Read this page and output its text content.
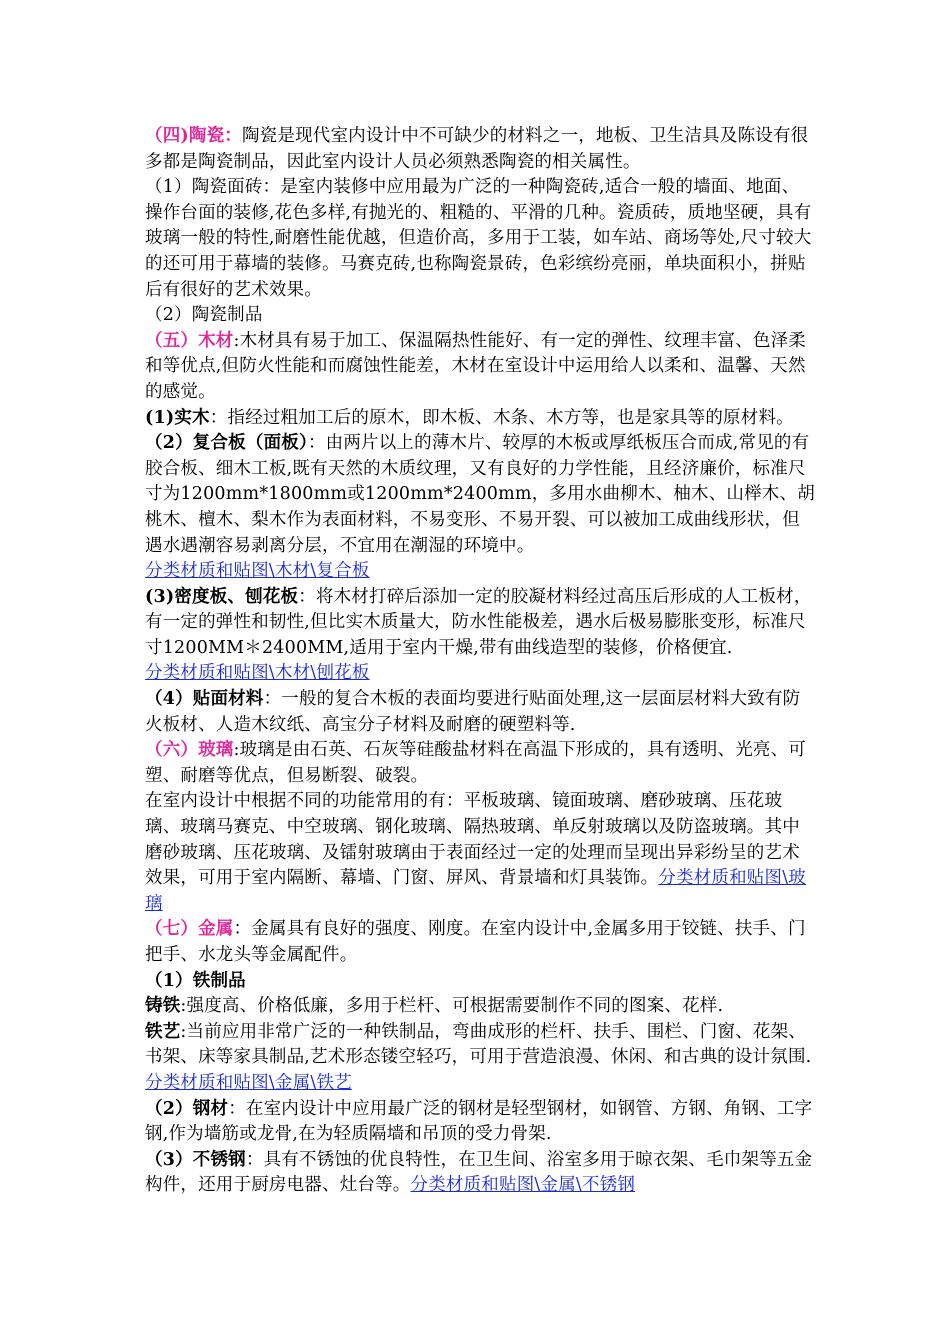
（四)陶瓷：陶瓷是现代室内设计中不可缺少的材料之一，地板、卫生洁具及陈设有很多都是陶瓷制品，因此室内设计人员必须熟悉陶瓷的相关属性。

（1）陶瓷面砖：是室内装修中应用最为广泛的一种陶瓷砖,适合一般的墙面、地面、操作台面的装修,花色多样,有抛光的、粗糙的、平滑的几种。瓷质砖，质地坚硬，具有玻璃一般的特性,耐磨性能优越，但造价高，多用于工装，如车站、商场等处,尺寸较大的还可用于幕墙的装修。马赛克砖,也称陶瓷景砖，色彩缤纷亮丽，单块面积小，拼贴后有很好的艺术效果。

（2）陶瓷制品

（五）木材:木材具有易于加工、保温隔热性能好、有一定的弹性、纹理丰富、色泽柔和等优点,但防火性能和而腐蚀性能差，木材在室设计中运用给人以柔和、温馨、天然的感觉。

(1)实木：指经过粗加工后的原木，即木板、木条、木方等，也是家具等的原材料。

（2）复合板（面板）：由两片以上的薄木片、较厚的木板或厚纸板压合而成,常见的有胶合板、细木工板,既有天然的木质纹理，又有良好的力学性能，且经济廉价，标准尺寸为1200mm*1800mm或1200mm*2400mm，多用水曲柳木、柚木、山榉木、胡桃木、檀木、梨木作为表面材料，不易变形、不易开裂、可以被加工成曲线形状，但遇水遇潮容易剥离分层，不宜用在潮湿的环境中。

分类材质和贴图\木材\复合板

(3)密度板、刨花板：将木材打碎后添加一定的胶凝材料经过高压后形成的人工板材，有一定的弹性和韧性,但比实木质量大，防水性能极差，遇水后极易膨胀变形，标准尺寸1200MM＊2400MM,适用于室内干燥,带有曲线造型的装修，价格便宜.

分类材质和贴图\木材\刨花板

（4）贴面材料：一般的复合木板的表面均要进行贴面处理,这一层面层材料大致有防火板材、人造木纹纸、高宝分子材料及耐磨的硬塑料等.

（六）玻璃:玻璃是由石英、石灰等硅酸盐材料在高温下形成的，具有透明、光亮、可塑、耐磨等优点，但易断裂、破裂。

在室内设计中根据不同的功能常用的有：平板玻璃、镜面玻璃、磨砂玻璃、压花玻璃、玻璃马赛克、中空玻璃、钢化玻璃、隔热玻璃、单反射玻璃以及防盗玻璃。其中磨砂玻璃、压花玻璃、及镭射玻璃由于表面经过一定的处理而呈现出异彩纷呈的艺术效果，可用于室内隔断、幕墙、门窗、屏风、背景墙和灯具装饰。分类材质和贴图\玻璃

（七）金属：金属具有良好的强度、刚度。在室内设计中,金属多用于铰链、扶手、门把手、水龙头等金属配件。

（1）铁制品

铸铁:强度高、价格低廉，多用于栏杆、可根据需要制作不同的图案、花样.

铁艺:当前应用非常广泛的一种铁制品，弯曲成形的栏杆、扶手、围栏、门窗、花架、书架、床等家具制品,艺术形态镂空轻巧，可用于营造浪漫、休闲、和古典的设计氛围.分类材质和贴图\金属\铁艺

（2）钢材：在室内设计中应用最广泛的钢材是轻型钢材，如钢管、方钢、角钢、工字钢,作为墙筋或龙骨,在为轻质隔墙和吊顶的受力骨架.

（3）不锈钢：具有不锈蚀的优良特性，在卫生间、浴室多用于晾衣架、毛巾架等五金构件，还用于厨房电器、灶台等。分类材质和贴图\金属\不锈钢
